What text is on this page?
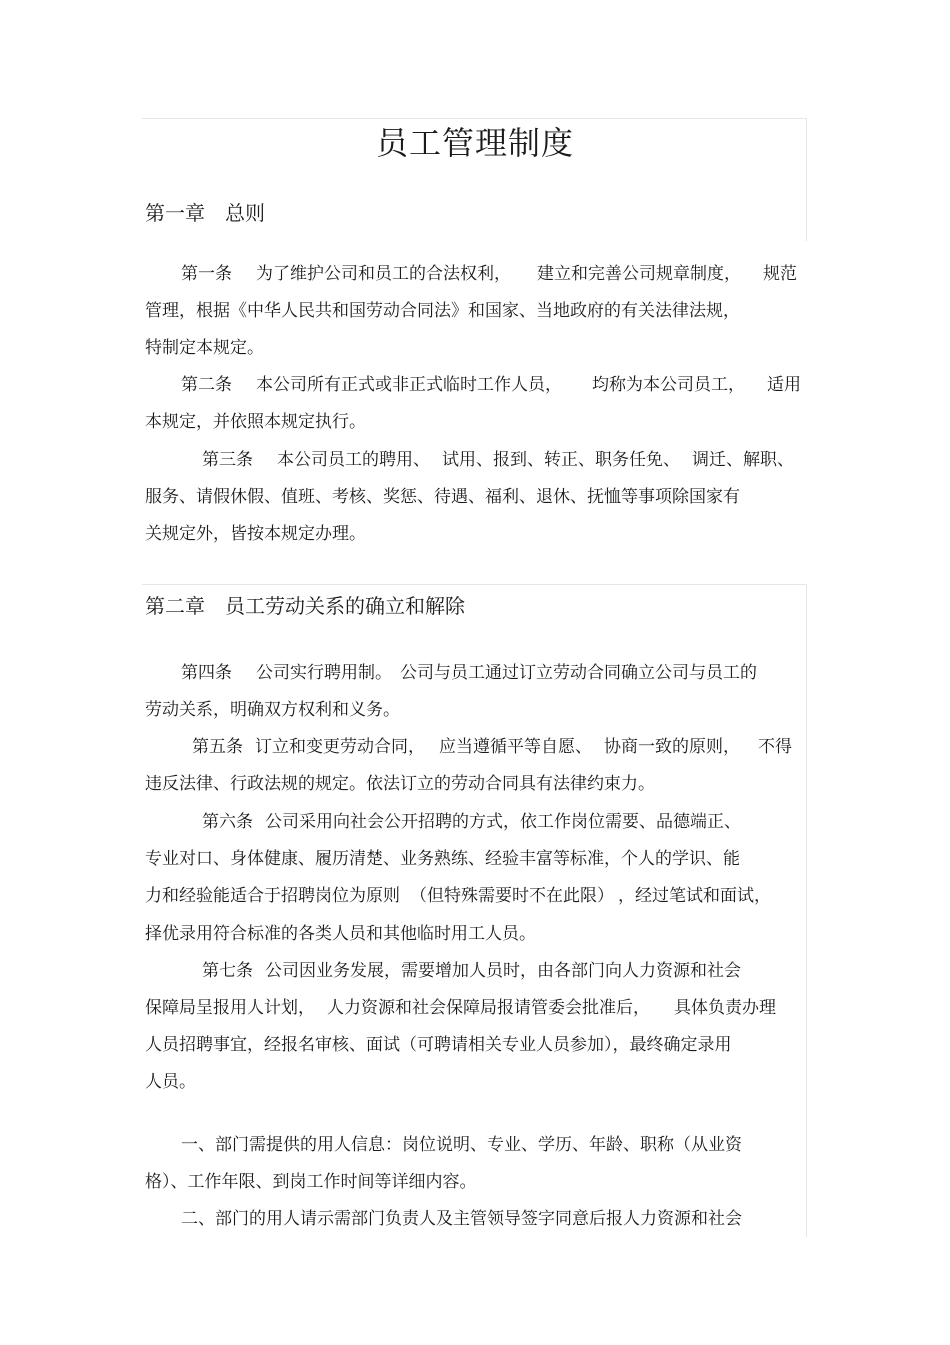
员工管理制度
第一章　总则
第一条 为了维护公司和员工的合法权利， 建立和完善公司规章制度， 规范
管理，根据《中华人民共和国劳动合同法》和国家、当地政府的有关法律法规，
特制定本规定。
第二条 本公司所有正式或非正式临时工作人员， 均称为本公司员工， 适用
本规定，并依照本规定执行。
第三条 本公司员工的聘用、 试用、报到、转正、职务任免、 调迁、解职、
服务、请假休假、值班、考核、奖惩、待遇、福利、退休、抚恤等事项除国家有
关规定外，皆按本规定办理。
第二章　员工劳动关系的确立和解除
第四条 公司实行聘用制。 公司与员工通过订立劳动合同确立公司与员工的
劳动关系，明确双方权利和义务。
第五条 订立和变更劳动合同， 应当遵循平等自愿、 协商一致的原则， 不得
违反法律、行政法规的规定。依法订立的劳动合同具有法律约束力。
第六条 公司采用向社会公开招聘的方式，依工作岗位需要、品德端正、
专业对口、身体健康、履历清楚、业务熟练、经验丰富等标准，个人的学识、能
力和经验能适合于招聘岗位为原则 （但特殊需要时不在此限） ，经过笔试和面试，
择优录用符合标准的各类人员和其他临时用工人员。
第七条 公司因业务发展，需要增加人员时，由各部门向人力资源和社会
保障局呈报用人计划， 人力资源和社会保障局报请管委会批准后， 具体负责办理
人员招聘事宜，经报名审核、面试（可聘请相关专业人员参加），最终确定录用
人员。
一、部门需提供的用人信息：岗位说明、专业、学历、年龄、职称（从业资
格）、工作年限、到岗工作时间等详细内容。
二、部门的用人请示需部门负责人及主管领导签字同意后报人力资源和社会
